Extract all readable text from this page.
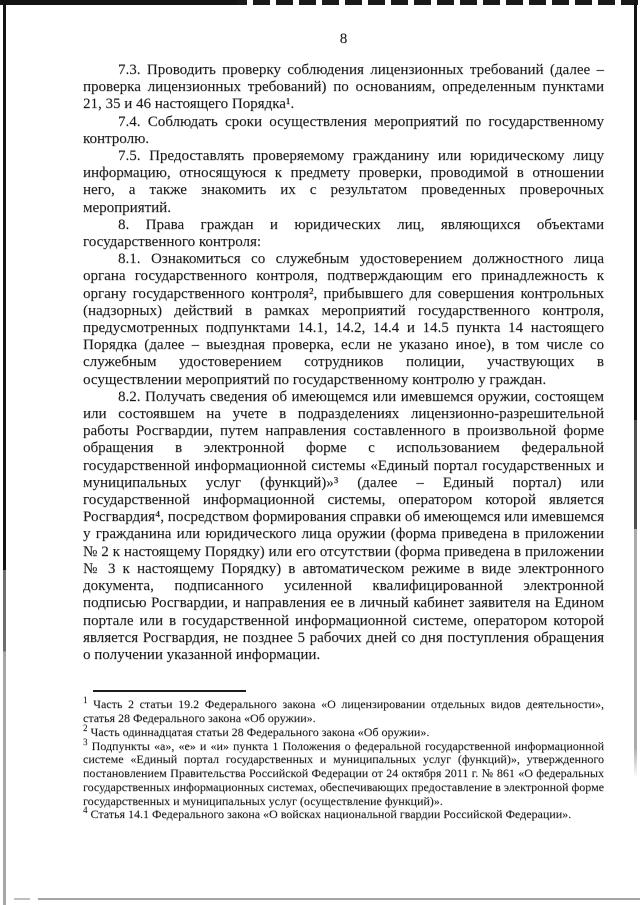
8

7.3. Проводить проверку соблюдения лицензионных требований (далее – проверка лицензионных требований) по основаниям, определенным пунктами 21, 35 и 46 настоящего Порядка¹.

7.4. Соблюдать сроки осуществления мероприятий по государственному контролю.

7.5. Предоставлять проверяемому гражданину или юридическому лицу информацию, относящуюся к предмету проверки, проводимой в отношении него, а также знакомить их с результатом проведенных проверочных мероприятий.

8. Права граждан и юридических лиц, являющихся объектами государственного контроля:

8.1. Ознакомиться со служебным удостоверением должностного лица органа государственного контроля, подтверждающим его принадлежность к органу государственного контроля², прибывшего для совершения контрольных (надзорных) действий в рамках мероприятий государственного контроля, предусмотренных подпунктами 14.1, 14.2, 14.4 и 14.5 пункта 14 настоящего Порядка (далее – выездная проверка, если не указано иное), в том числе со служебным удостоверением сотрудников полиции, участвующих в осуществлении мероприятий по государственному контролю у граждан.

8.2. Получать сведения об имеющемся или имевшемся оружии, состоящем или состоявшем на учете в подразделениях лицензионно-разрешительной работы Росгвардии, путем направления составленного в произвольной форме обращения в электронной форме с использованием федеральной государственной информационной системы «Единый портал государственных и муниципальных услуг (функций)»³ (далее – Единый портал) или государственной информационной системы, оператором которой является Росгвардия⁴, посредством формирования справки об имеющемся или имевшемся у гражданина или юридического лица оружии (форма приведена в приложении № 2 к настоящему Порядку) или его отсутствии (форма приведена в приложении № 3 к настоящему Порядку) в автоматическом режиме в виде электронного документа, подписанного усиленной квалифицированной электронной подписью Росгвардии, и направления ее в личный кабинет заявителя на Едином портале или в государственной информационной системе, оператором которой является Росгвардия, не позднее 5 рабочих дней со дня поступления обращения о получении указанной информации.

$^1$ Часть 2 статьи 19.2 Федерального закона «О лицензировании отдельных видов деятельности», статья 28 Федерального закона «Об оружии».
$^2$ Часть одиннадцатая статьи 28 Федерального закона «Об оружии».
$^3$ Подпункты «а», «е» и «и» пункта 1 Положения о федеральной государственной информационной системе «Единый портал государственных и муниципальных услуг (функций)», утвержденного постановлением Правительства Российской Федерации от 24 октября 2011 г. № 861 «О федеральных государственных информационных системах, обеспечивающих предоставление в электронной форме государственных и муниципальных услуг (осуществление функций)».
$^4$ Статья 14.1 Федерального закона «О войсках национальной гвардии Российской Федерации».
